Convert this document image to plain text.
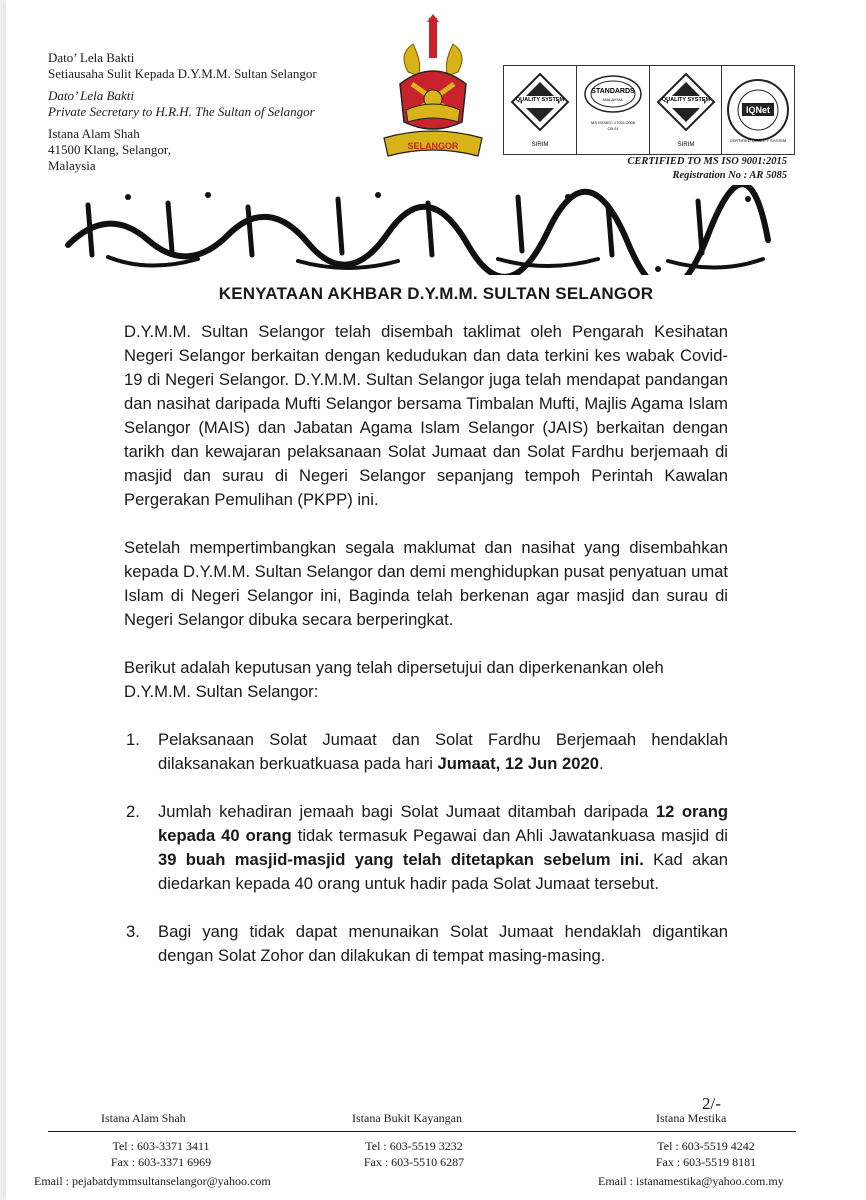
Dato’ Lela Bakti
Setiausaha Sulit Kepada D.Y.M.M. Sultan Selangor
Dato’ Lela Bakti
Private Secretary to H.R.H. The Sultan of Selangor
Istana Alam Shah
41500 Klang, Selangor,
Malaysia
SELANGOR
QUALITY SYSTEM
SIRIM
STANDARDS
MALAYSIA
MS ISO/IEC 17021:2006
CB 01
QUALITY SYSTEM
SIRIM
IQNet
CERTIFIED QUALITY SYSTEM
CERTIFIED TO MS ISO 9001:2015
Registration No : AR 5085
قجابت دولي يغ مها مليا سلطان سلاغور
KENYATAAN AKHBAR D.Y.M.M. SULTAN SELANGOR

D.Y.M.M. Sultan Selangor telah disembah taklimat oleh Pengarah Kesihatan Negeri Selangor berkaitan dengan kedudukan dan data terkini kes wabak Covid-19 di Negeri Selangor. D.Y.M.M. Sultan Selangor juga telah mendapat pandangan dan nasihat daripada Mufti Selangor bersama Timbalan Mufti, Majlis Agama Islam Selangor (MAIS) dan Jabatan Agama Islam Selangor (JAIS) berkaitan dengan tarikh dan kewajaran pelaksanaan Solat Jumaat dan Solat Fardhu berjemaah di masjid dan surau di Negeri Selangor sepanjang tempoh Perintah Kawalan Pergerakan Pemulihan (PKPP) ini.

Setelah mempertimbangkan segala maklumat dan nasihat yang disembahkan kepada D.Y.M.M. Sultan Selangor dan demi menghidupkan pusat penyatuan umat Islam di Negeri Selangor ini, Baginda telah berkenan agar masjid dan surau di Negeri Selangor dibuka secara berperingkat.

Berikut adalah keputusan yang telah dipersetujui dan diperkenankan oleh D.Y.M.M. Sultan Selangor:

1. Pelaksanaan Solat Jumaat dan Solat Fardhu Berjemaah hendaklah dilaksanakan berkuatkuasa pada hari Jumaat, 12 Jun 2020.
2. Jumlah kehadiran jemaah bagi Solat Jumaat ditambah daripada 12 orang kepada 40 orang tidak termasuk Pegawai dan Ahli Jawatankuasa masjid di 39 buah masjid-masjid yang telah ditetapkan sebelum ini. Kad akan diedarkan kepada 40 orang untuk hadir pada Solat Jumaat tersebut.
3. Bagi yang tidak dapat menunaikan Solat Jumaat hendaklah digantikan dengan Solat Zohor dan dilakukan di tempat masing-masing.
2/-
Istana Alam Shah	Istana Bukit Kayangan	Istana Mestika
Tel : 603-3371 3411
Fax : 603-3371 6969
Tel : 603-5519 3232
Fax : 603-5510 6287
Tel : 603-5519 4242
Fax : 603-5519 8181
Email : pejabatdymmsultanselangor@yahoo.com	Email : istanamestika@yahoo.com.my
